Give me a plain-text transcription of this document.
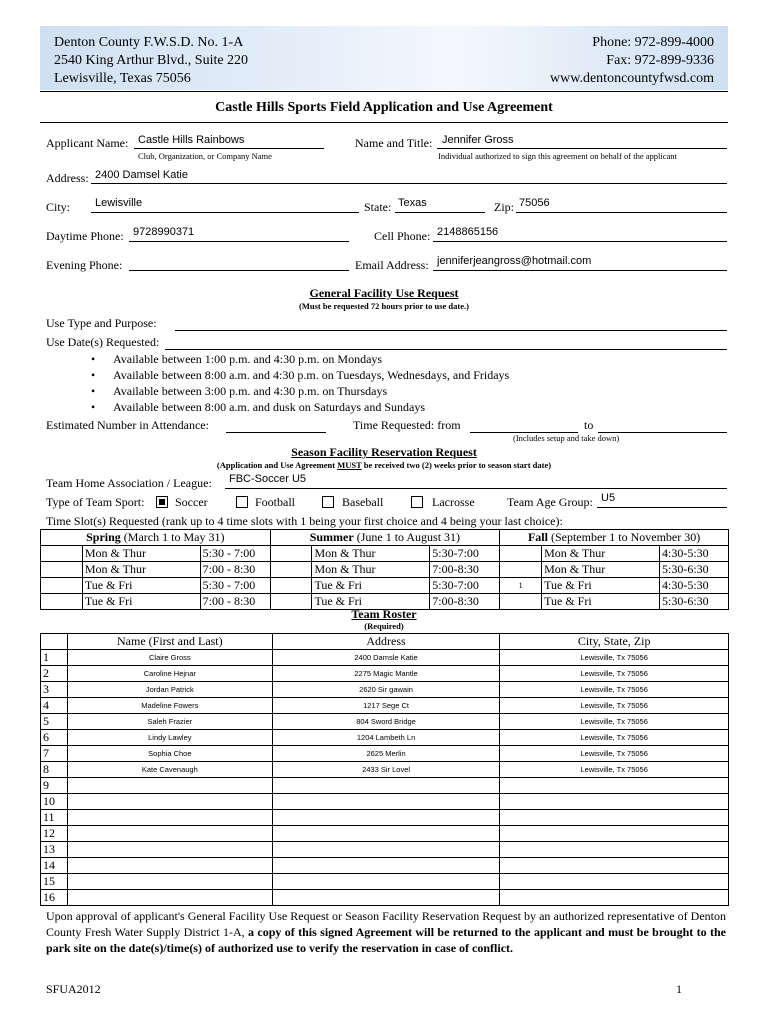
Denton County F.W.S.D. No. 1-A
2540 King Arthur Blvd., Suite 220
Lewisville, Texas 75056
Phone: 972-899-4000
Fax: 972-899-9336
www.dentoncountyfwsd.com
Castle Hills Sports Field Application and Use Agreement
Applicant Name: Castle Hills Rainbows
Club, Organization, or Company Name
Name and Title: Jennifer Gross
Individual authorized to sign this agreement on behalf of the applicant
Address: 2400 Damsel Katie
City: Lewisville	State: Texas	Zip: 75056
Daytime Phone: 9728990371	Cell Phone: 2148865156
Evening Phone:	Email Address: jenniferjeangross@hotmail.com
General Facility Use Request
(Must be requested 72 hours prior to use date.)
Use Type and Purpose:
Use Date(s) Requested:
• Available between 1:00 p.m. and 4:30 p.m. on Mondays
• Available between 8:00 a.m. and 4:30 p.m. on Tuesdays, Wednesdays, and Fridays
• Available between 3:00 p.m. and 4:30 p.m. on Thursdays
• Available between 8:00 a.m. and dusk on Saturdays and Sundays
Estimated Number in Attendance:	Time Requested: from	to
(Includes setup and take down)
Season Facility Reservation Request
(Application and Use Agreement MUST be received two (2) weeks prior to season start date)
Team Home Association / League: FBC-Soccer U5
Type of Team Sport:	Soccer	Football	Baseball	Lacrosse	Team Age Group: U5
Time Slot(s) Requested (rank up to 4 time slots with 1 being your first choice and 4 being your last choice):
Spring (March 1 to May 31)			Summer (June 1 to August 31)			Fall (September 1 to November 30)		
	Mon & Thur	5:30 - 7:00		Mon & Thur	5:30-7:00		Mon & Thur	4:30-5:30
	Mon & Thur	7:00 - 8:30		Mon & Thur	7:00-8:30		Mon & Thur	5:30-6:30
	Tue & Fri	5:30 - 7:00		Tue & Fri	5:30-7:00	1	Tue & Fri	4:30-5:30
	Tue & Fri	7:00 - 8:30		Tue & Fri	7:00-8:30		Tue & Fri	5:30-6:30
Team Roster
(Required)
	Name (First and Last)	Address	City, State, Zip
1	Claire Gross	2400 Damsle Katie	Lewisville, Tx 75056
2	Caroline Hejnar	2275 Magic Mantle	Lewisville, Tx 75056
3	Jordan Patrick	2620 Sir gawain	Lewisville, Tx 75056
4	Madeline Fowers	1217 Sege Ct	Lewisville, Tx 75056
5	Saleh Frazier	804 Sword Bridge	Lewisville, Tx 75056
6	Lindy Lawley	1204 Lambeth Ln	Lewisville, Tx 75056
7	Sophia Choe	2625 Merlin	Lewisville, Tx 75056
8	Kate Cavenaugh	2433 Sir Lovel	Lewisville, Tx 75056
9			
10			
11			
12			
13			
14			
15			
16			
Upon approval of applicant's General Facility Use Request or Season Facility Reservation Request by an authorized representative of Denton County Fresh Water Supply District 1-A, a copy of this signed Agreement will be returned to the applicant and must be brought to the park site on the date(s)/time(s) of authorized use to verify the reservation in case of conflict.
SFUA2012	1
